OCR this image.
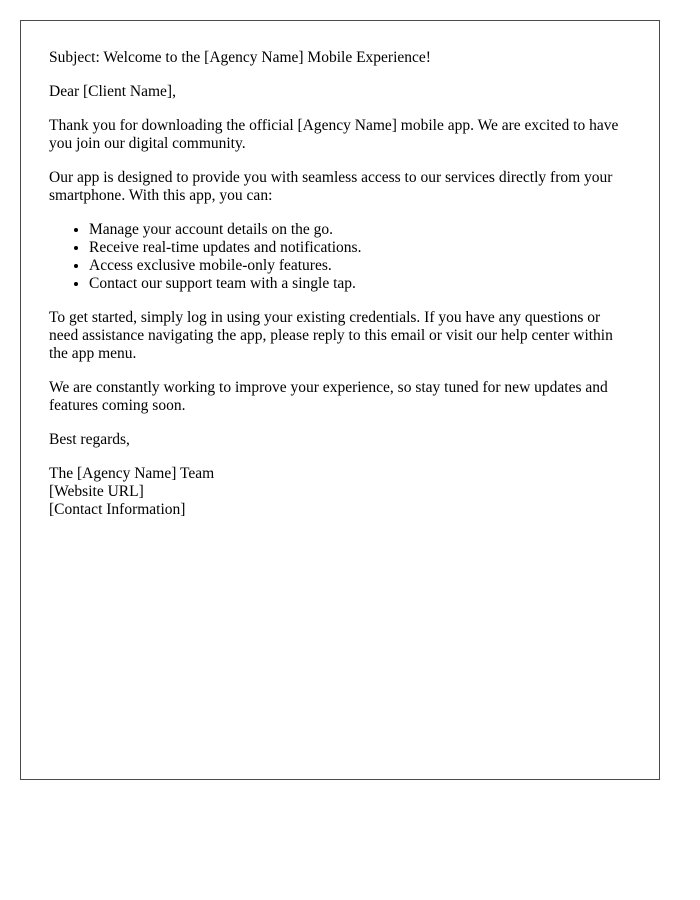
Subject: Welcome to the [Agency Name] Mobile Experience!

Dear [Client Name],

Thank you for downloading the official [Agency Name] mobile app. We are excited to have you join our digital community.

Our app is designed to provide you with seamless access to our services directly from your smartphone. With this app, you can:

• Manage your account details on the go.
• Receive real-time updates and notifications.
• Access exclusive mobile-only features.
• Contact our support team with a single tap.

To get started, simply log in using your existing credentials. If you have any questions or need assistance navigating the app, please reply to this email or visit our help center within the app menu.

We are constantly working to improve your experience, so stay tuned for new updates and features coming soon.

Best regards,

The [Agency Name] Team

[Website URL]

[Contact Information]
